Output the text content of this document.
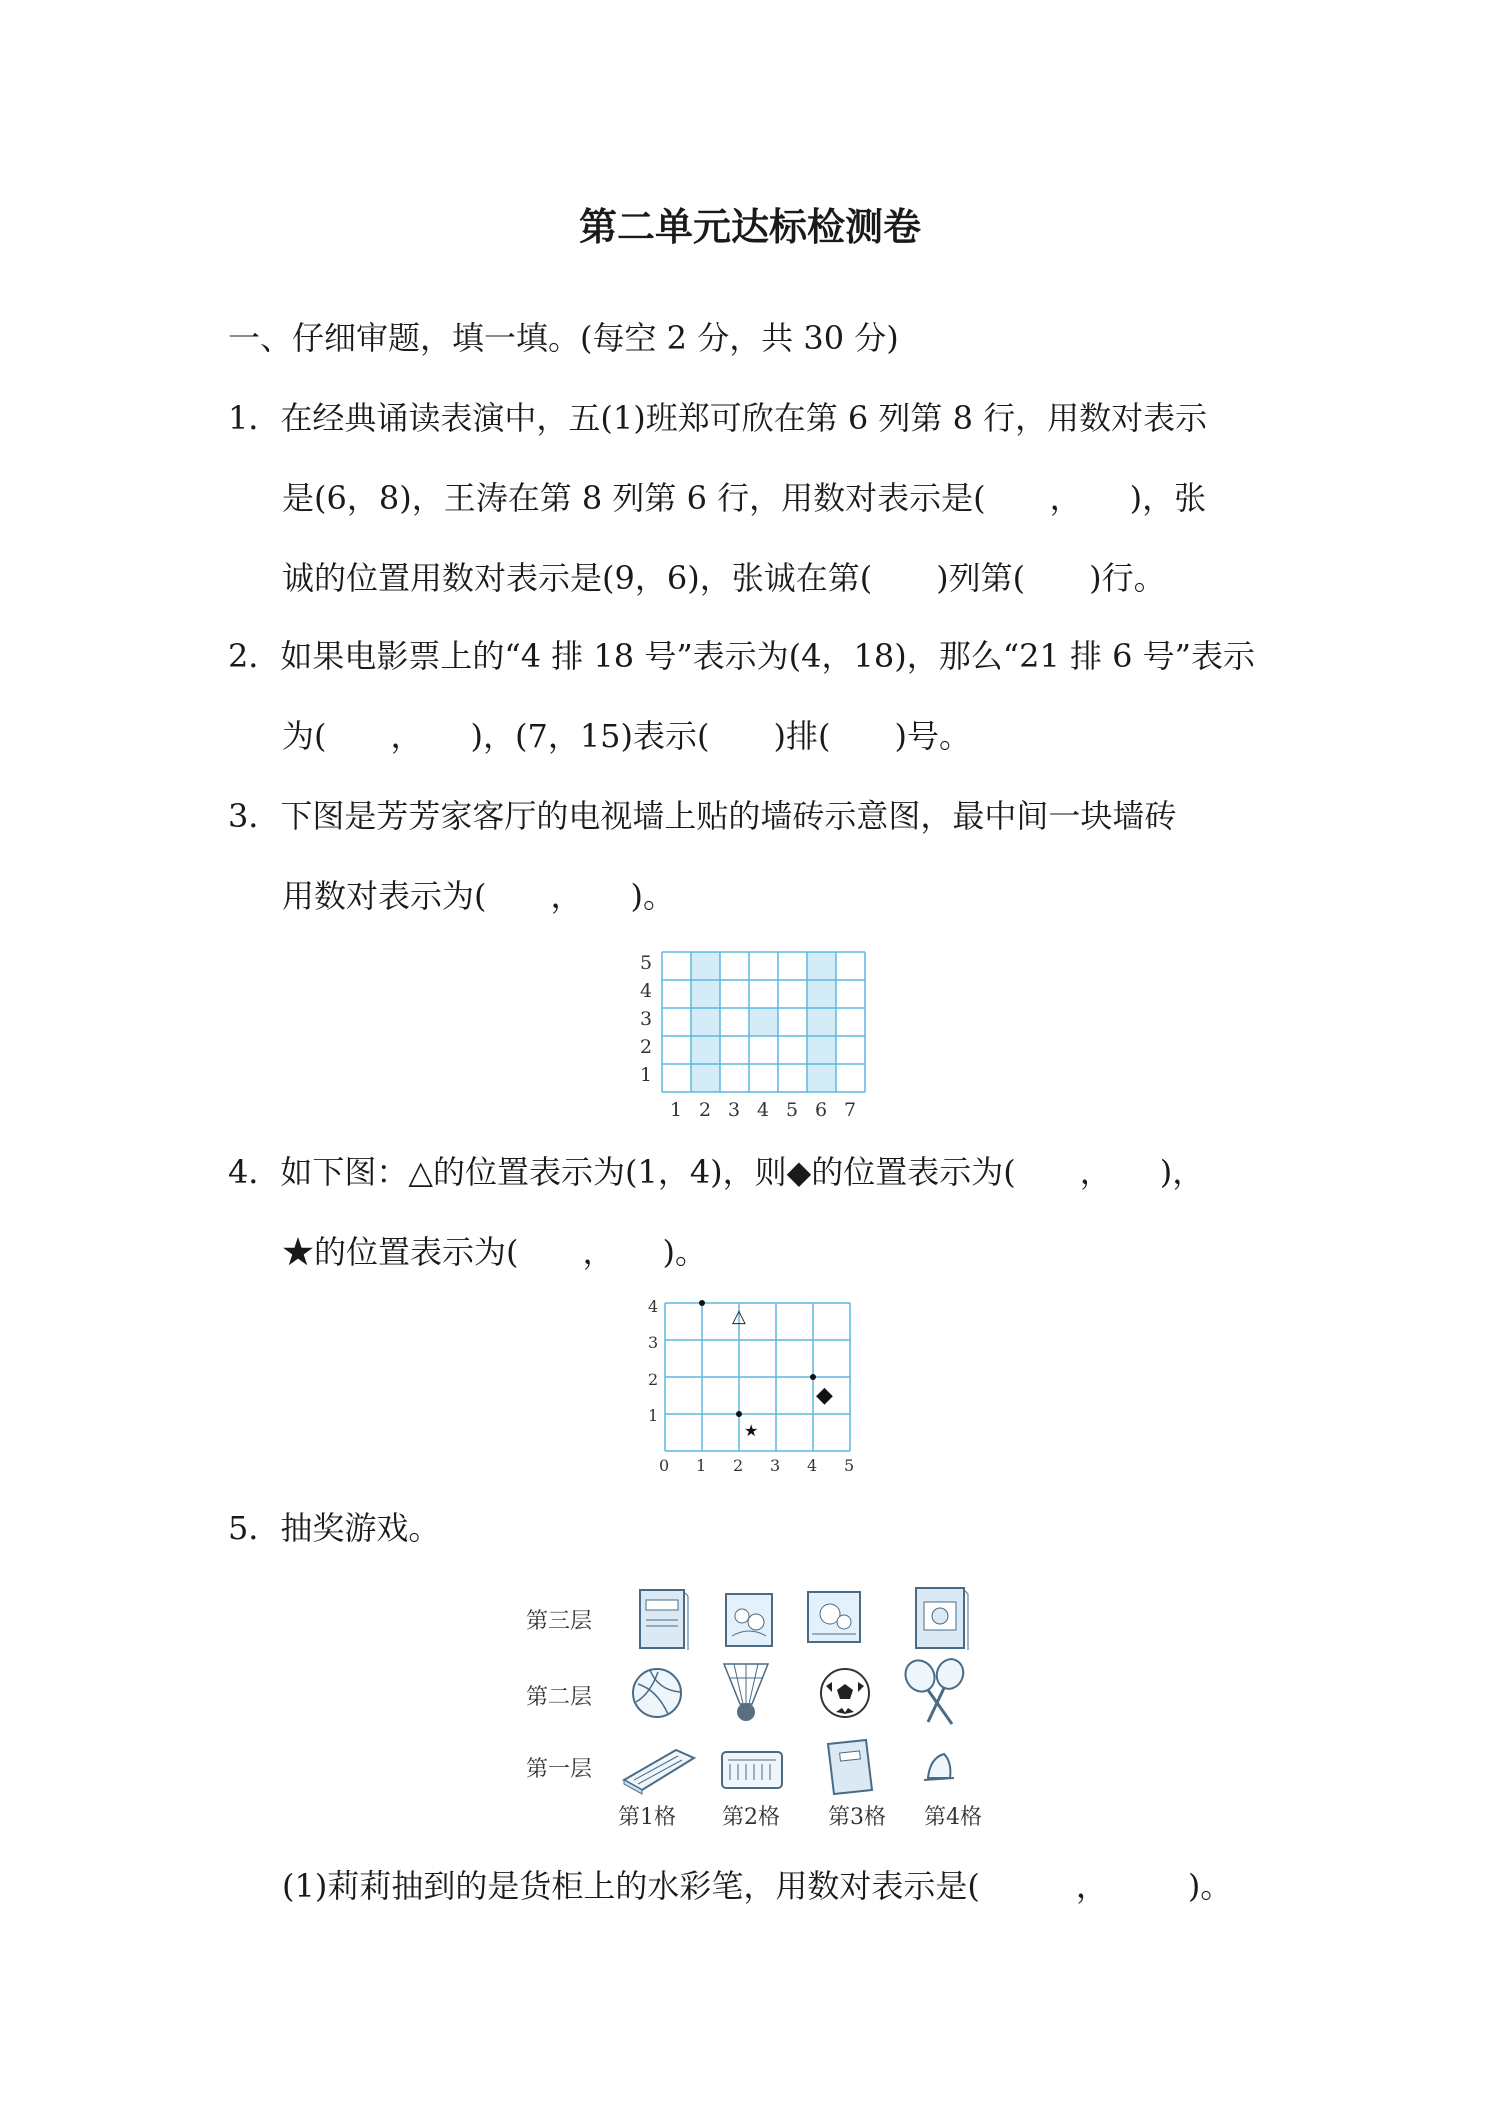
第二单元达标检测卷
一、仔细审题，填一填。(每空 2 分，共 30 分)
1．在经典诵读表演中，五(1)班郑可欣在第 6 列第 8 行，用数对表示
是(6，8)，王涛在第 8 列第 6 行，用数对表示是(　　，　　)，张
诚的位置用数对表示是(9，6)，张诚在第(　　)列第(　　)行。
2．如果电影票上的“4 排 18 号”表示为(4，18)，那么“21 排 6 号”表示
为(　　，　　)，(7，15)表示(　　)排(　　)号。
3．下图是芳芳家客厅的电视墙上贴的墙砖示意图，最中间一块墙砖
用数对表示为(　　，　　)。
5
4
3
2
1
1 2 3 4 5 6 7
4．如下图：△的位置表示为(1，4)，则◆的位置表示为(　　，　　)，
★的位置表示为(　　，　　)。
4
3
2
1
△
◆
★
0 1 2 3 4 5
5．抽奖游戏。
第三层
第二层
第一层
第1格 第2格 第3格 第4格
(1)莉莉抽到的是货柜上的水彩笔，用数对表示是(　　　，　　　)。
